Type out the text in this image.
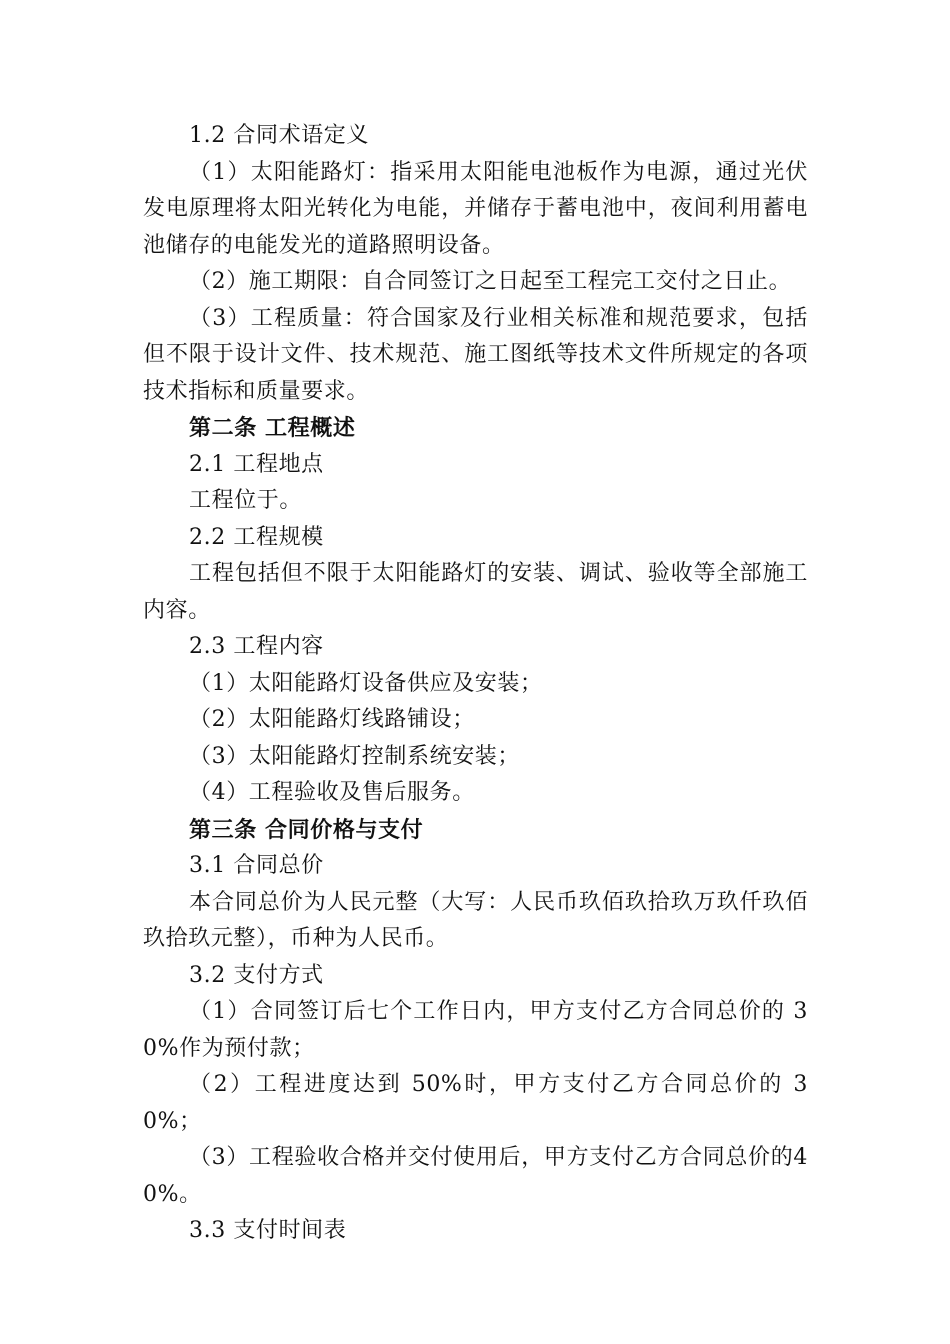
1.2 合同术语定义
（1）太阳能路灯：指采用太阳能电池板作为电源，通过光伏发电原理将太阳光转化为电能，并储存于蓄电池中，夜间利用蓄电池储存的电能发光的道路照明设备。
（2）施工期限：自合同签订之日起至工程完工交付之日止。
（3）工程质量：符合国家及行业相关标准和规范要求，包括但不限于设计文件、技术规范、施工图纸等技术文件所规定的各项技术指标和质量要求。
第二条 工程概述
2.1 工程地点
工程位于。
2.2 工程规模
工程包括但不限于太阳能路灯的安装、调试、验收等全部施工内容。
2.3 工程内容
（1）太阳能路灯设备供应及安装；
（2）太阳能路灯线路铺设；
（3）太阳能路灯控制系统安装；
（4）工程验收及售后服务。
第三条 合同价格与支付
3.1 合同总价
本合同总价为人民元整（大写：人民币玖佰玖拾玖万玖仟玖佰玖拾玖元整），币种为人民币。
3.2 支付方式
（1）合同签订后七个工作日内，甲方支付乙方合同总价的 30%作为预付款；
（2）工程进度达到 50%时，甲方支付乙方合同总价的 30%；
（3）工程验收合格并交付使用后，甲方支付乙方合同总价的40%。
3.3 支付时间表
